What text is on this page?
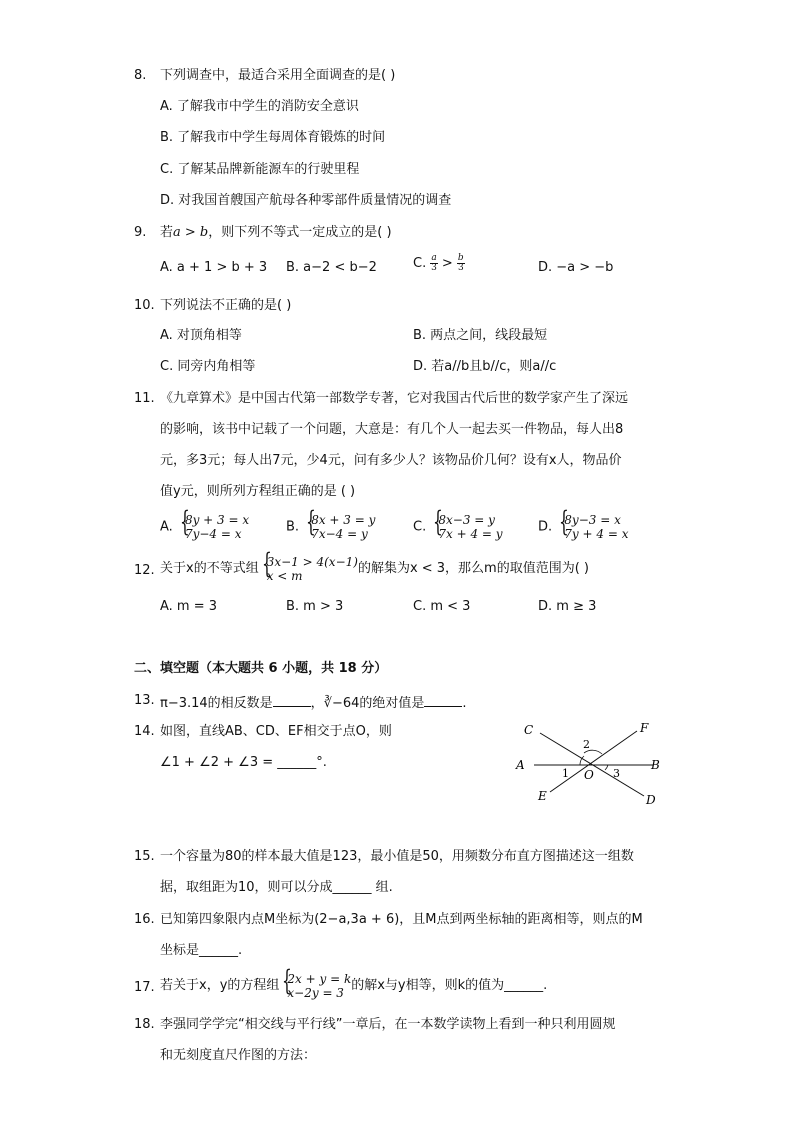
8. 下列调查中，最适合采用全面调查的是( )
A. 了解我市中学生的消防安全意识
B. 了解我市中学生每周体育锻炼的时间
C. 了解某品牌新能源车的行驶里程
D. 对我国首艘国产航母各种零部件质量情况的调查
9. 若a > b，则下列不等式一定成立的是( )
A. a + 1 > b + 3 B. a−2 < b−2	C. $\frac{a}{3} > \frac{b}{3}$	D. −a > −b
10. 下列说法不正确的是( )
A. 对顶角相等	B. 两点之间，线段最短
C. 同旁内角相等	D. 若a//b且b//c，则a//c
11. 《九章算术》是中国古代第一部数学专著，它对我国古代后世的数学家产生了深远
的影响，该书中记载了一个问题，大意是：有几个人一起去买一件物品，每人出8
元，多3元；每人出7元，少4元，问有多少人？该物品价几何？设有x人，物品价
值y元，则所列方程组正确的是 ( )
A. {
8y + 3 = x
7y−4 = x	B. {
8x + 3 = y
7x−4 = y	C. {
8x−3 = y
7x + 4 = y	D. {
8y−3 = x
7y + 4 = x
12. 关于x的不等式组 {
3x−1 > 4(x−1)
x < m	的解集为x < 3，那么m的取值范围为( )
A. m = 3	B. m > 3	C. m < 3	D. m ≥ 3
二、填空题（本大题共 6 小题，共 18 分）
13. π−3.14的相反数是	，∛−64的绝对值是	.
14. 如图，直线AB、CD、EF相交于点O，则
∠1 + ∠2 + ∠3 = ______°.
C	F
A	B
E	D
O
1
2
3
15. 一个容量为80的样本最大值是123，最小值是50，用频数分布直方图描述这一组数
据，取组距为10，则可以分成______ 组.
16. 已知第四象限内点M坐标为(2−a,3a + 6)，且M点到两坐标轴的距离相等，则点的M
坐标是______.
17. 若关于x，y的方程组 {
2x + y = k
x−2y = 3 的解x与y相等，则k的值为______.
18. 李强同学学完“相交线与平行线”一章后，在一本数学读物上看到一种只利用圆规
和无刻度直尺作图的方法：
